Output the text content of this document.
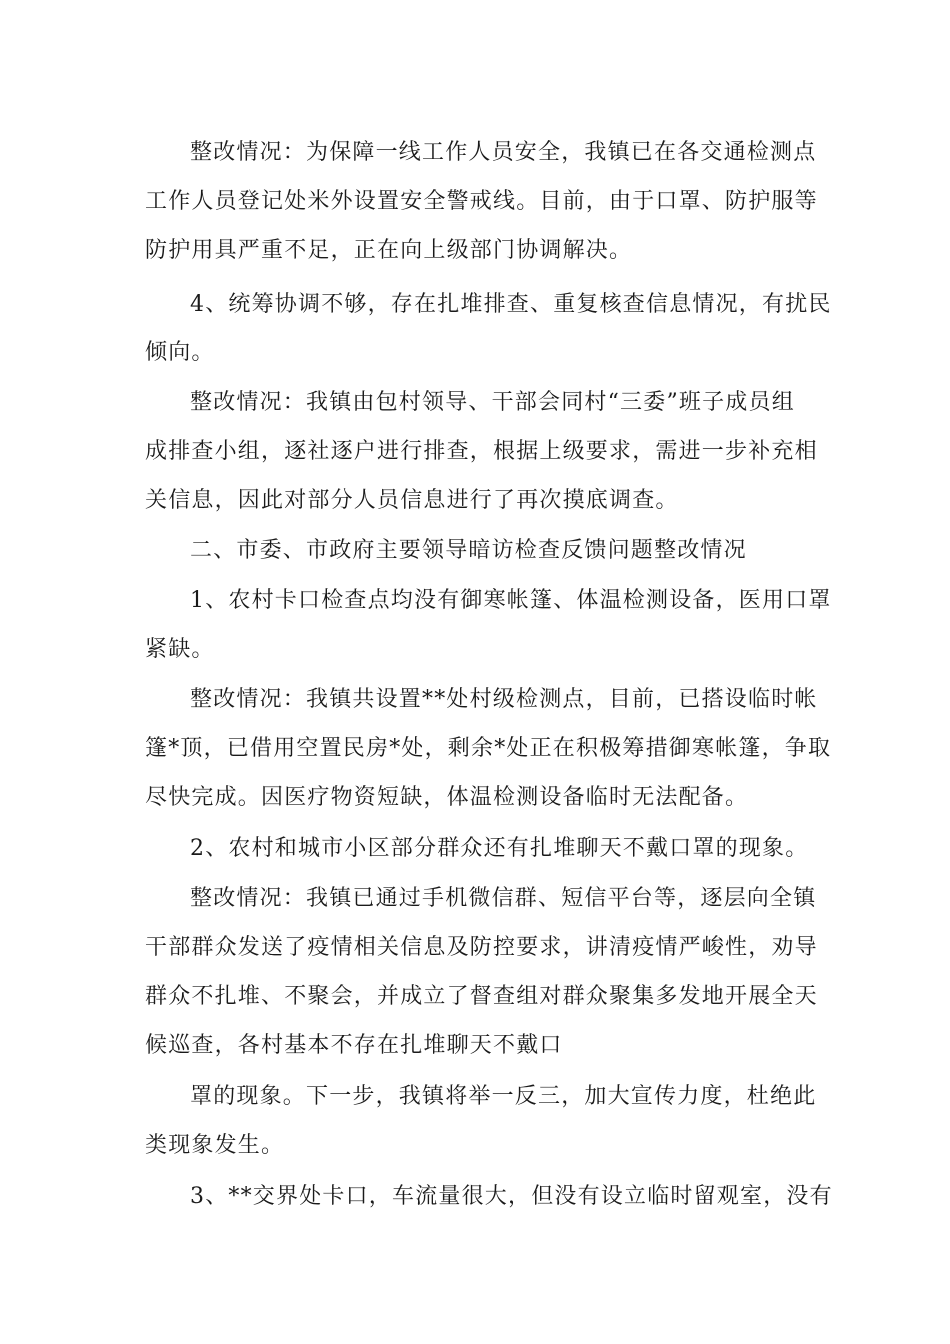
整改情况：为保障一线工作人员安全，我镇已在各交通检测点
工作人员登记处米外设置安全警戒线。目前，由于口罩、防护服等
防护用具严重不足，正在向上级部门协调解决。
4、统筹协调不够，存在扎堆排查、重复核查信息情况，有扰民
倾向。
整改情况：我镇由包村领导、干部会同村“三委”班子成员组
成排查小组，逐社逐户进行排查，根据上级要求，需进一步补充相
关信息，因此对部分人员信息进行了再次摸底调查。
二、市委、市政府主要领导暗访检查反馈问题整改情况
1、农村卡口检查点均没有御寒帐篷、体温检测设备，医用口罩
紧缺。
整改情况：我镇共设置**处村级检测点，目前，已搭设临时帐
篷*顶，已借用空置民房*处，剩余*处正在积极筹措御寒帐篷，争取
尽快完成。因医疗物资短缺，体温检测设备临时无法配备。
2、农村和城市小区部分群众还有扎堆聊天不戴口罩的现象。
整改情况：我镇已通过手机微信群、短信平台等，逐层向全镇
干部群众发送了疫情相关信息及防控要求，讲清疫情严峻性，劝导
群众不扎堆、不聚会，并成立了督查组对群众聚集多发地开展全天
候巡查，各村基本不存在扎堆聊天不戴口
罩的现象。下一步，我镇将举一反三，加大宣传力度，杜绝此
类现象发生。
3、**交界处卡口，车流量很大，但没有设立临时留观室，没有
